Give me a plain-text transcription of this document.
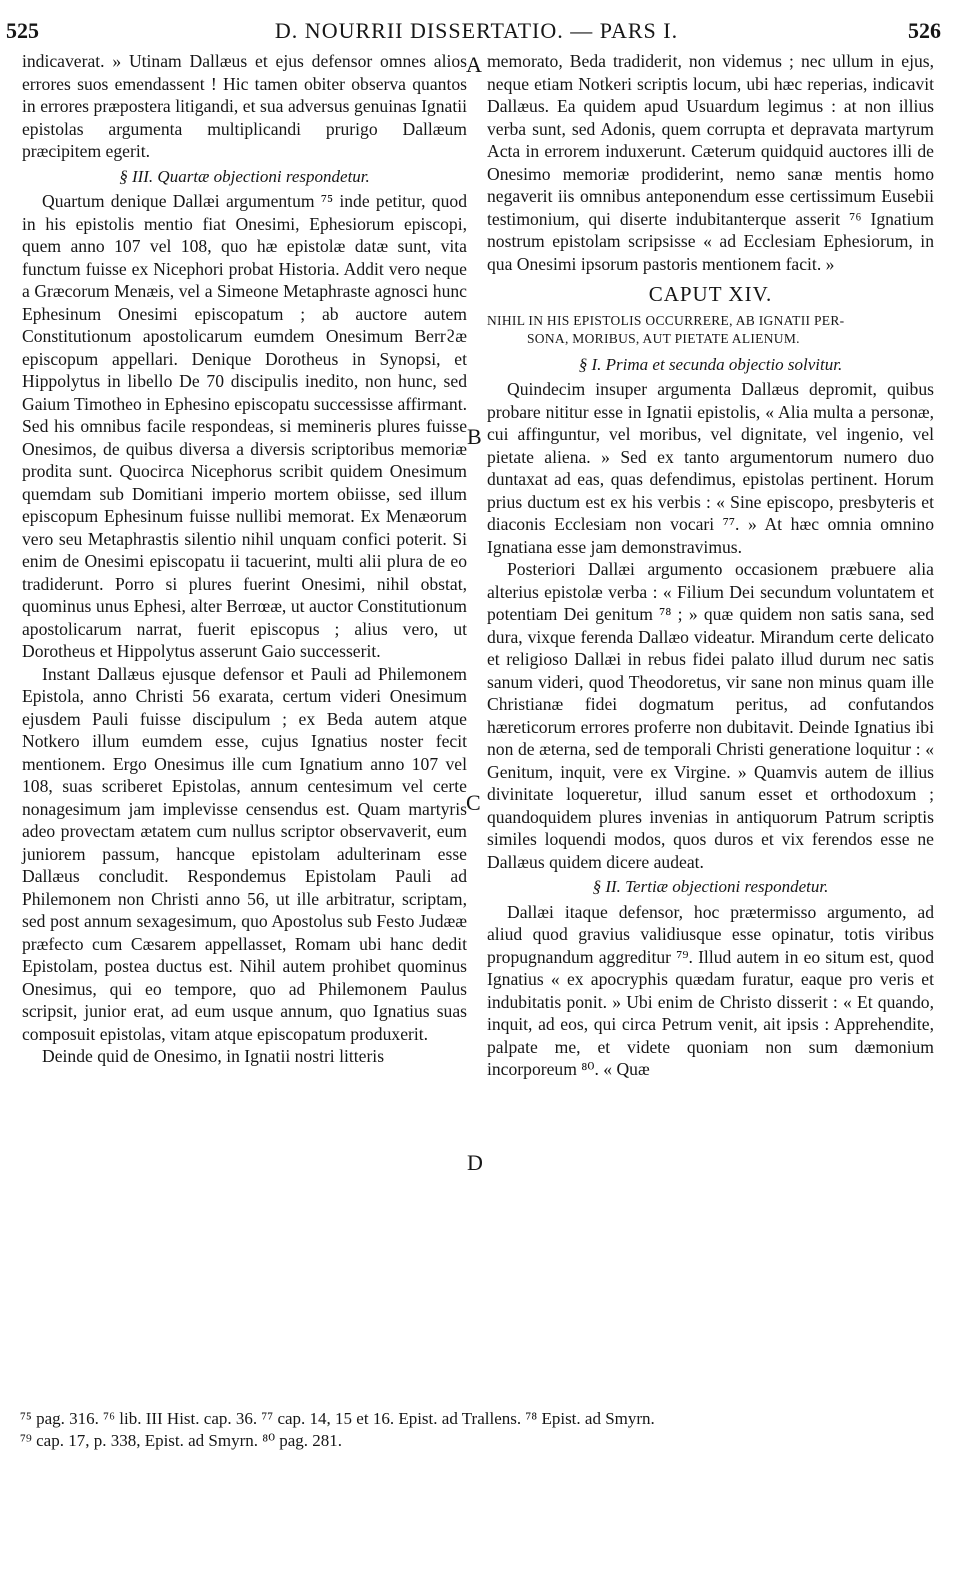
525	D. NOURRII DISSERTATIO. — PARS I.	526

indicaverat. » Utinam Dallæus et ejus defensor omnes alios errores suos emendassent ! Hic tamen obiter observa quantos in errores præpostera litigandi, et sua adversus genuinas Ignatii epistolas argumenta multiplicandi prurigo Dallæum præcipitem egerit.

§ III. Quartæ objectioni respondetur.

Quartum denique Dallæi argumentum ⁷⁵ inde petitur, quod in his epistolis mentio fiat Onesimi, Ephesiorum episcopi, quem anno 107 vel 108, quo hæ epistolæ datæ sunt, vita functum fuisse ex Nicephori probat Historia. Addit vero neque a Græcorum Menæis, vel a Simeone Metaphraste agnosci hunc Ephesinum Onesimi episcopatum ; ab auctore autem Constitutionum apostolicarum eumdem Onesimum Berrϩæ episcopum appellari. Denique Dorotheus in Synopsi, et Hippolytus in libello De 70 discipulis inedito, non hunc, sed Gaium Timotheo in Ephesino episcopatu successisse affirmant. Sed his omnibus facile respondeas, si memineris plures fuisse Onesimos, de quibus diversa a diversis scriptoribus memoriæ prodita sunt. Quocirca Nicephorus scribit quidem Onesimum quemdam sub Domitiani imperio mortem obiisse, sed illum episcopum Ephesinum fuisse nullibi memorat. Ex Menæorum vero seu Metaphrastis silentio nihil unquam confici poterit. Si enim de Onesimi episcopatu ii tacuerint, multi alii plura de eo tradiderunt. Porro si plures fuerint Onesimi, nihil obstat, quominus unus Ephesi, alter Berrœæ, ut auctor Constitutionum apostolicarum narrat, fuerit episcopus ; alius vero, ut Dorotheus et Hippolytus asserunt Gaio successerit.

Instant Dallæus ejusque defensor et Pauli ad Philemonem Epistola, anno Christi 56 exarata, certum videri Onesimum ejusdem Pauli fuisse discipulum ; ex Beda autem atque Notkero illum eumdem esse, cujus Ignatius noster fecit mentionem. Ergo Onesimus ille cum Ignatium anno 107 vel 108, suas scriberet Epistolas, annum centesimum vel certe nonagesimum jam implevisse censendus est. Quam martyris adeo provectam ætatem cum nullus scriptor observaverit, eum juniorem passum, hancque epistolam adulterinam esse Dallæus concludit. Respondemus Epistolam Pauli ad Philemonem non Christi anno 56, ut ille arbitratur, scriptam, sed post annum sexagesimum, quo Apostolus sub Festo Judææ præfecto cum Cæsarem appellasset, Romam ubi hanc dedit Epistolam, postea ductus est. Nihil autem prohibet quominus Onesimus, qui eo tempore, quo ad Philemonem Paulus scripsit, junior erat, ad eum usque annum, quo Ignatius suas composuit epistolas, vitam atque episcopatum produxerit.

Deinde quid de Onesimo, in Ignatii nostri litteris

memorato, Beda tradiderit, non videmus ; nec ullum in ejus, neque etiam Notkeri scriptis locum, ubi hæc reperias, indicavit Dallæus. Ea quidem apud Usuardum legimus : at non illius verba sunt, sed Adonis, quem corrupta et depravata martyrum Acta in errorem induxerunt. Cæterum quidquid auctores illi de Onesimo memoriæ prodiderint, nemo sanæ mentis homo negaverit iis omnibus anteponendum esse certissimum Eusebii testimonium, qui diserte indubitanterque asserit ⁷⁶ Ignatium nostrum epistolam scripsisse « ad Ecclesiam Ephesiorum, in qua Onesimi ipsorum pastoris mentionem facit. »

CAPUT XIV.
NIHIL IN HIS EPISTOLIS OCCURRERE, AB IGNATII PER-
SONA, MORIBUS, AUT PIETATE ALIENUM.
§ I. Prima et secunda objectio solvitur.

Quindecim insuper argumenta Dallæus depromit, quibus probare nititur esse in Ignatii epistolis, « Alia multa a personæ, cui affinguntur, vel moribus, vel dignitate, vel ingenio, vel pietate aliena. » Sed ex tanto argumentorum numero duo duntaxat ad eas, quas defendimus, epistolas pertinent. Horum prius ductum est ex his verbis : « Sine episcopo, presbyteris et diaconis Ecclesiam non vocari ⁷⁷. » At hæc omnia omnino Ignatiana esse jam demonstravimus.

Posteriori Dallæi argumento occasionem præbuere alia alterius epistolæ verba : « Filium Dei secundum voluntatem et potentiam Dei genitum ⁷⁸ ; » quæ quidem non satis sana, sed dura, vixque ferenda Dallæo videatur. Mirandum certe delicato et religioso Dallæi in rebus fidei palato illud durum nec satis sanum videri, quod Theodoretus, vir sane non minus quam ille Christianæ fidei dogmatum peritus, ad confutandos hæreticorum errores proferre non dubitavit. Deinde Ignatius ibi non de æterna, sed de temporali Christi generatione loquitur : « Genitum, inquit, vere ex Virgine. » Quamvis autem de illius divinitate loqueretur, illud sanum esset et orthodoxum ; quandoquidem plures invenias in antiquorum Patrum scriptis similes loquendi modos, quos duros et vix ferendos esse ne Dallæus quidem dicere audeat.

§ II. Tertiæ objectioni respondetur.

Dallæi itaque defensor, hoc prætermisso argumento, ad aliud quod gravius validiusque esse opinatur, totis viribus propugnandum aggreditur ⁷⁹. Illud autem in eo situm est, quod Ignatius « ex apocryphis quædam furatur, eaque pro veris et indubitatis ponit. » Ubi enim de Christo disserit : « Et quando, inquit, ad eos, qui circa Petrum venit, ait ipsis : Apprehendite, palpate me, et videte quoniam non sum dæmonium incorporeum ⁸⁰. « Quæ

A
B
C
D
⁷⁵ pag. 316. ⁷⁶ lib. III Hist. cap. 36. ⁷⁷ cap. 14, 15 et 16. Epist. ad Trallens. ⁷⁸ Epist. ad Smyrn.
⁷⁹ cap. 17, p. 338, Epist. ad Smyrn. ⁸⁰ pag. 281.
